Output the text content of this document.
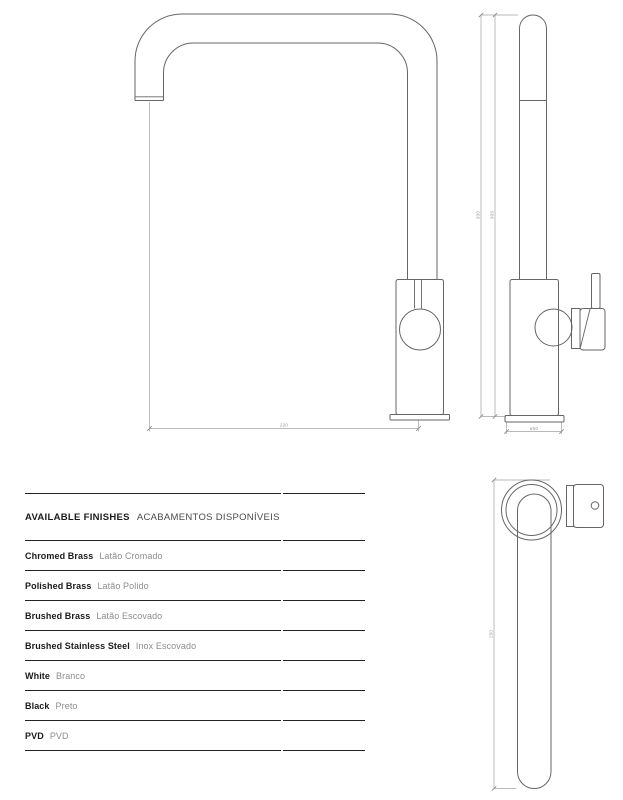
220
330 305
ø50
250
AVAILABLE FINISHES ACABAMENTOS DISPONÍVEIS
Chromed Brass Latão Cromado
Polished Brass Latão Polido
Brushed Brass Latão Escovado
Brushed Stainless Steel Inox Escovado
White Branco
Black Preto
PVD PVD
